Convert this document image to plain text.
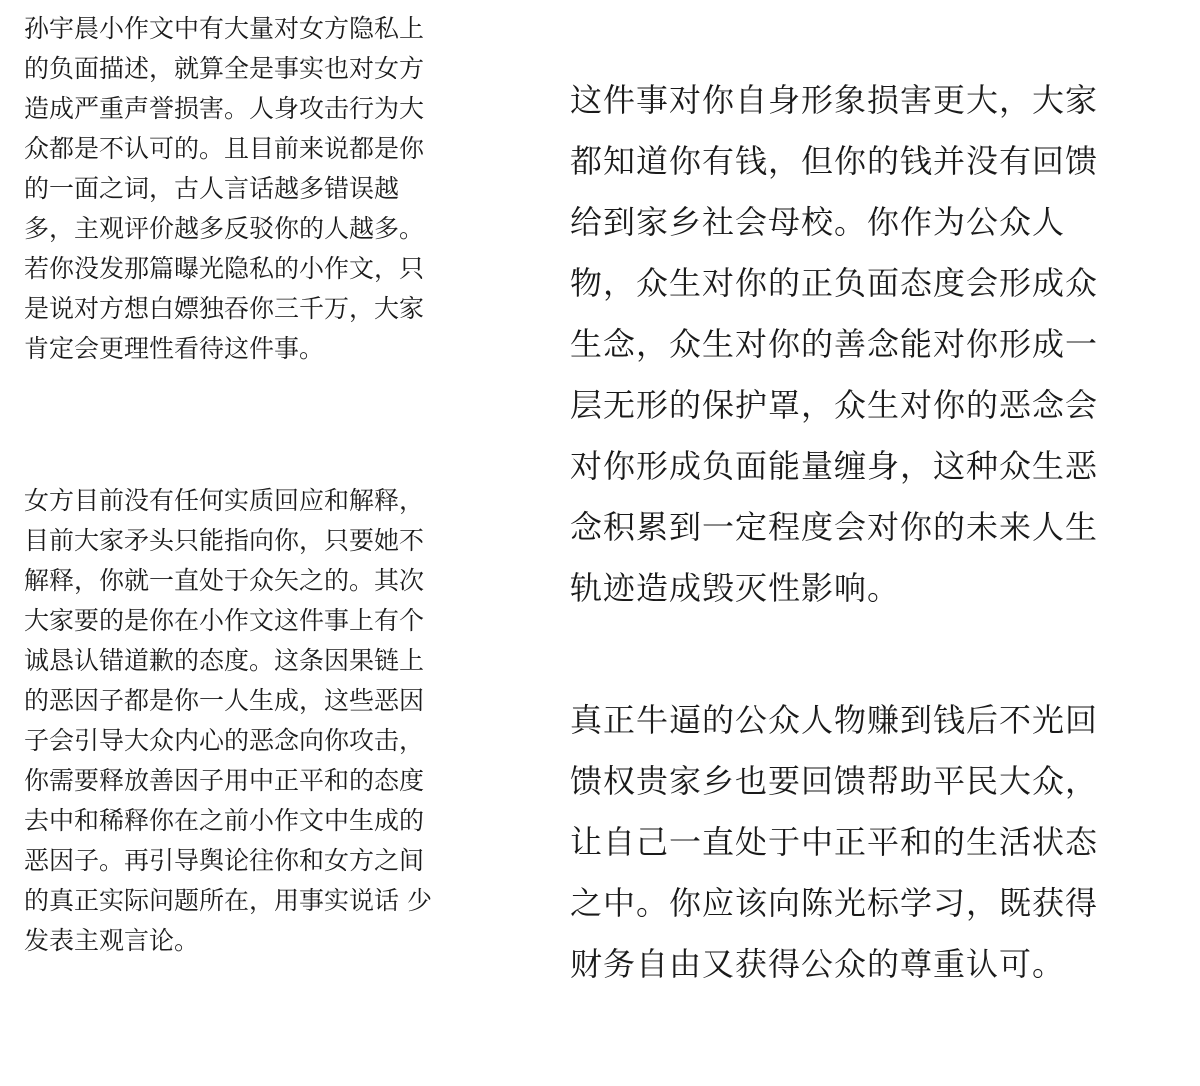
孙宇晨小作文中有大量对女方隐私上
的负面描述，就算全是事实也对女方
造成严重声誉损害。人身攻击行为大
众都是不认可的。且目前来说都是你
的一面之词，古人言话越多错误越
多，主观评价越多反驳你的人越多。
若你没发那篇曝光隐私的小作文，只
是说对方想白嫖独吞你三千万，大家
肯定会更理性看待这件事。
女方目前没有任何实质回应和解释，
目前大家矛头只能指向你，只要她不
解释，你就一直处于众矢之的。其次
大家要的是你在小作文这件事上有个
诚恳认错道歉的态度。这条因果链上
的恶因子都是你一人生成，这些恶因
子会引导大众内心的恶念向你攻击，
你需要释放善因子用中正平和的态度
去中和稀释你在之前小作文中生成的
恶因子。再引导舆论往你和女方之间
的真正实际问题所在，用事实说话 少
发表主观言论。
这件事对你自身形象损害更大，大家
都知道你有钱，但你的钱并没有回馈
给到家乡社会母校。你作为公众人
物，众生对你的正负面态度会形成众
生念，众生对你的善念能对你形成一
层无形的保护罩，众生对你的恶念会
对你形成负面能量缠身，这种众生恶
念积累到一定程度会对你的未来人生
轨迹造成毁灭性影响。
真正牛逼的公众人物赚到钱后不光回
馈权贵家乡也要回馈帮助平民大众，
让自己一直处于中正平和的生活状态
之中。你应该向陈光标学习，既获得
财务自由又获得公众的尊重认可。
